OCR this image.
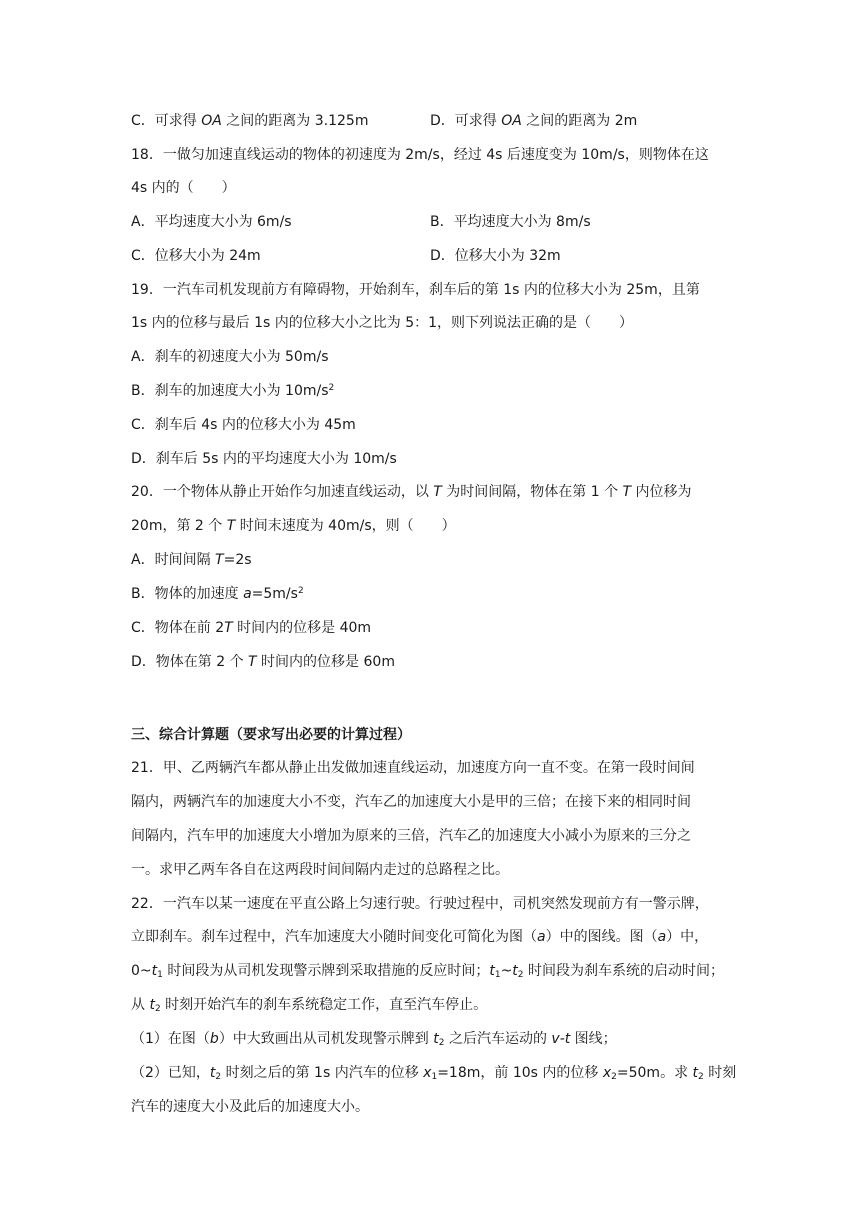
C．可求得 OA 之间的距离为 3.125m	D．可求得 OA 之间的距离为 2m
18．一做匀加速直线运动的物体的初速度为 2m/s，经过 4s 后速度变为 10m/s，则物体在这
4s 内的（　　）
A．平均速度大小为 6m/s	B．平均速度大小为 8m/s
C．位移大小为 24m	D．位移大小为 32m
19．一汽车司机发现前方有障碍物，开始刹车，刹车后的第 1s 内的位移大小为 25m，且第
1s 内的位移与最后 1s 内的位移大小之比为 5：1，则下列说法正确的是（　　）
A．刹车的初速度大小为 50m/s
B．刹车的加速度大小为 $10m/s^2$
C．刹车后 4s 内的位移大小为 45m
D．刹车后 5s 内的平均速度大小为 10m/s
20．一个物体从静止开始作匀加速直线运动，以 T 为时间间隔，物体在第 1 个 T 内位移为
20m，第 2 个 T 时间末速度为 40m/s，则（　　）
A．时间间隔 T=2s
B．物体的加速度 $a=5m/s^2$
C．物体在前 2T 时间内的位移是 40m
D．物体在第 2 个 T 时间内的位移是 60m
三、综合计算题（要求写出必要的计算过程）
21．甲、乙两辆汽车都从静止出发做加速直线运动，加速度方向一直不变。在第一段时间间
隔内，两辆汽车的加速度大小不变，汽车乙的加速度大小是甲的三倍；在接下来的相同时间
间隔内，汽车甲的加速度大小增加为原来的三倍，汽车乙的加速度大小减小为原来的三分之
一。求甲乙两车各自在这两段时间间隔内走过的总路程之比。
22．一汽车以某一速度在平直公路上匀速行驶。行驶过程中，司机突然发现前方有一警示牌，
立即刹车。刹车过程中，汽车加速度大小随时间变化可简化为图（a）中的图线。图（a）中，
$0\sim t_1$ 时间段为从司机发现警示牌到采取措施的反应时间；$t_1\sim t_2$ 时间段为刹车系统的启动时间；
从 $t_2$ 时刻开始汽车的刹车系统稳定工作，直至汽车停止。
（1）在图（b）中大致画出从司机发现警示牌到 $t_2$ 之后汽车运动的 v-t 图线；
（2）已知，$t_2$ 时刻之后的第 1s 内汽车的位移 $x_1=18m$，前 10s 内的位移 $x_2=50m$。求 $t_2$ 时刻
汽车的速度大小及此后的加速度大小。
